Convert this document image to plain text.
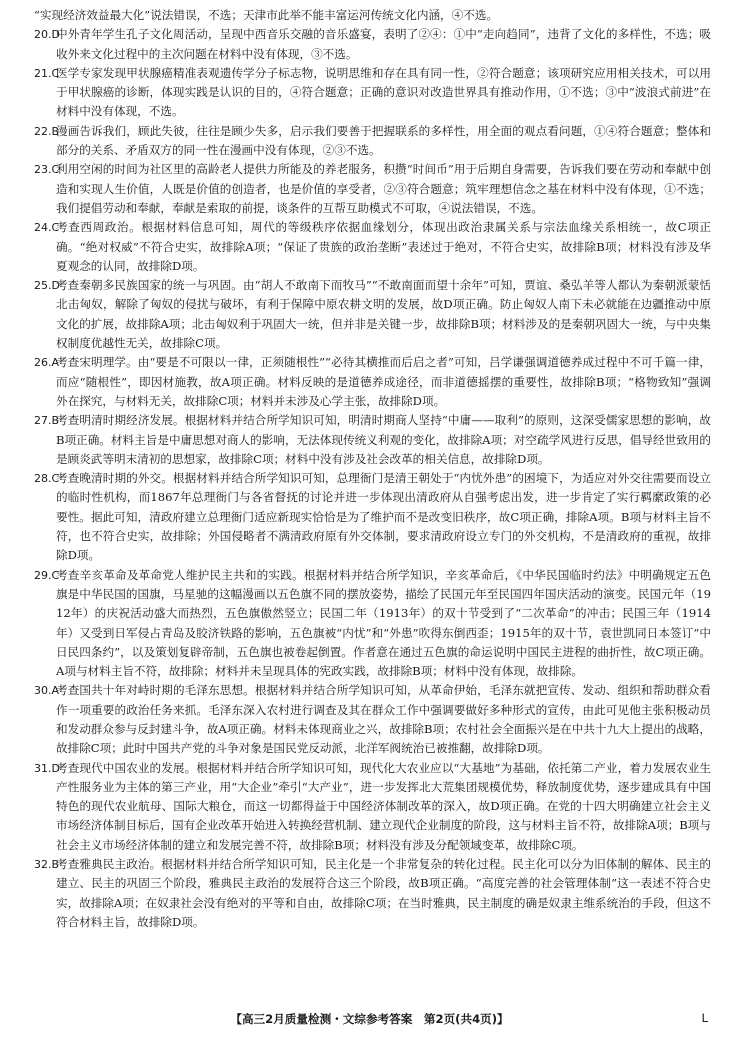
“实现经济效益最大化”说法错误，不选；天津市此举不能丰富运河传统文化内涵，④不选。

20.D
中外青年学生孔子文化周活动，呈现中西音乐交融的音乐盛宴，表明了②④：①中“走向趋同”，违背了文化的多样性，不选；吸收外来文化过程中的主次问题在材料中没有体现，③不选。
21.C
医学专家发现甲状腺癌精准表观遗传学分子标志物，说明思维和存在具有同一性，②符合题意；该项研究应用相关技术，可以用于甲状腺癌的诊断，体现实践是认识的目的，④符合题意；正确的意识对改造世界具有推动作用，①不选；③中“波浪式前进”在材料中没有体现，不选。
22.B
漫画告诉我们，顾此失彼，往往是顾少失多，启示我们要善于把握联系的多样性，用全面的观点看问题，①④符合题意；整体和部分的关系、矛盾双方的同一性在漫画中没有体现，②③不选。
23.C
利用空闲的时间为社区里的高龄老人提供力所能及的养老服务，积攒“时间币”用于后期自身需要，告诉我们要在劳动和奉献中创造和实现人生价值，人既是价值的创造者，也是价值的享受者，②③符合题意；筑牢理想信念之基在材料中没有体现，①不选；我们提倡劳动和奉献，奉献是索取的前提，谈条件的互帮互助模式不可取，④说法错误，不选。
24.C
考查西周政治。根据材料信息可知，周代的等级秩序依据血缘划分，体现出政治隶属关系与宗法血缘关系相统一，故C项正确。“绝对权威”不符合史实，故排除A项；“保证了贵族的政治垄断”表述过于绝对，不符合史实，故排除B项；材料没有涉及华夏观念的认同，故排除D项。
25.D
考查秦朝多民族国家的统一与巩固。由“胡人不敢南下而牧马”“不敢南面而望十余年”可知，贾谊、桑弘羊等人都认为秦朝派蒙恬北击匈奴，解除了匈奴的侵扰与破坏，有利于保障中原农耕文明的发展，故D项正确。防止匈奴人南下未必就能在边疆推动中原文化的扩展，故排除A项；北击匈奴利于巩固大一统，但并非是关键一步，故排除B项；材料涉及的是秦朝巩固大一统，与中央集权制度优越性无关，故排除C项。
26.A
考查宋明理学。由“要是不可限以一律，正须随根性”“必待其横推而后启之者”可知，吕学谦强调道德养成过程中不可千篇一律，而应“随根性”，即因材施教，故A项正确。材料反映的是道德养成途径，而非道德摇摆的重要性，故排除B项；“格物致知”强调外在探究，与材料无关，故排除C项；材料并未涉及心学主张，故排除D项。
27.B
考查明清时期经济发展。根据材料并结合所学知识可知，明清时期商人坚持“中庸——取利”的原则，这深受儒家思想的影响，故B项正确。材料主旨是中庸思想对商人的影响，无法体现传统义利观的变化，故排除A项；对空疏学风进行反思，倡导经世致用的是顾炎武等明末清初的思想家，故排除C项；材料中没有涉及社会改革的相关信息，故排除D项。
28.C
考查晚清时期的外交。根据材料并结合所学知识可知，总理衙门是清王朝处于“内忧外患”的困境下，为适应对外交往需要而设立的临时性机构，而1867年总理衙门与各省督抚的讨论并进一步体现出清政府从自强考虑出发，进一步肯定了实行羁縻政策的必要性。据此可知，清政府建立总理衙门适应新现实恰恰是为了维护而不是改变旧秩序，故C项正确，排除A项。B项与材料主旨不符，也不符合史实，故排除；外国侵略者不满清政府原有外交体制，要求清政府设立专门的外交机构，不是清政府的重视，故排除D项。
29.C
考查辛亥革命及革命党人维护民主共和的实践。根据材料并结合所学知识，辛亥革命后，《中华民国临时约法》中明确规定五色旗是中华民国的国旗，马星驰的这幅漫画以五色旗不同的摆放姿势，描绘了民国元年至民国四年国庆活动的演变。民国元年（1912年）的庆祝活动盛大而热烈，五色旗傲然竖立；民国二年（1913年）的双十节受到了“二次革命”的冲击；民国三年（1914年）又受到日军侵占青岛及胶济铁路的影响，五色旗被“内忧”和“外患”吹得东倒西歪；1915年的双十节，袁世凯同日本签订“中日民四条约”，以及策划复辟帝制，五色旗也被卷起倒置。作者意在通过五色旗的命运说明中国民主进程的曲折性，故C项正确。A项与材料主旨不符，故排除；材料并未呈现具体的宪政实践，故排除B项；材料中没有体现，故排除。
30.A
考查国共十年对峙时期的毛泽东思想。根据材料并结合所学知识可知，从革命伊始，毛泽东就把宣传、发动、组织和帮助群众看作一项重要的政治任务来抓。毛泽东深入农村进行调查及其在群众工作中强调要做好多种形式的宣传，由此可见他主张积极动员和发动群众参与反封建斗争，故A项正确。材料未体现商业之兴，故排除B项；农村社会全面振兴是在中共十九大上提出的战略，故排除C项；此时中国共产党的斗争对象是国民党反动派，北洋军阀统治已被推翻，故排除D项。
31.D
考查现代中国农业的发展。根据材料并结合所学知识可知，现代化大农业应以“大基地”为基础，依托第二产业，着力发展农业生产性服务业为主体的第三产业，用“大企业”牵引“大产业”，进一步发挥北大荒集团规模优势，释放制度优势，逐步建成具有中国特色的现代农业航母、国际大粮仓，而这一切都得益于中国经济体制改革的深入，故D项正确。在党的十四大明确建立社会主义市场经济体制目标后，国有企业改革开始进入转换经营机制、建立现代企业制度的阶段，这与材料主旨不符，故排除A项；B项与社会主义市场经济体制的建立和发展完善不符，故排除B项；材料没有涉及分配领域变革，故排除C项。
32.B
考查雅典民主政治。根据材料并结合所学知识可知，民主化是一个非常复杂的转化过程。民主化可以分为旧体制的解体、民主的建立、民主的巩固三个阶段，雅典民主政治的发展符合这三个阶段，故B项正确。“高度完善的社会管理体制”这一表述不符合史实，故排除A项；在奴隶社会没有绝对的平等和自由，故排除C项；在当时雅典，民主制度的确是奴隶主维系统治的手段，但这不符合材料主旨，故排除D项。
【高三2月质量检测・文综参考答案　第2页(共4页)】	L
